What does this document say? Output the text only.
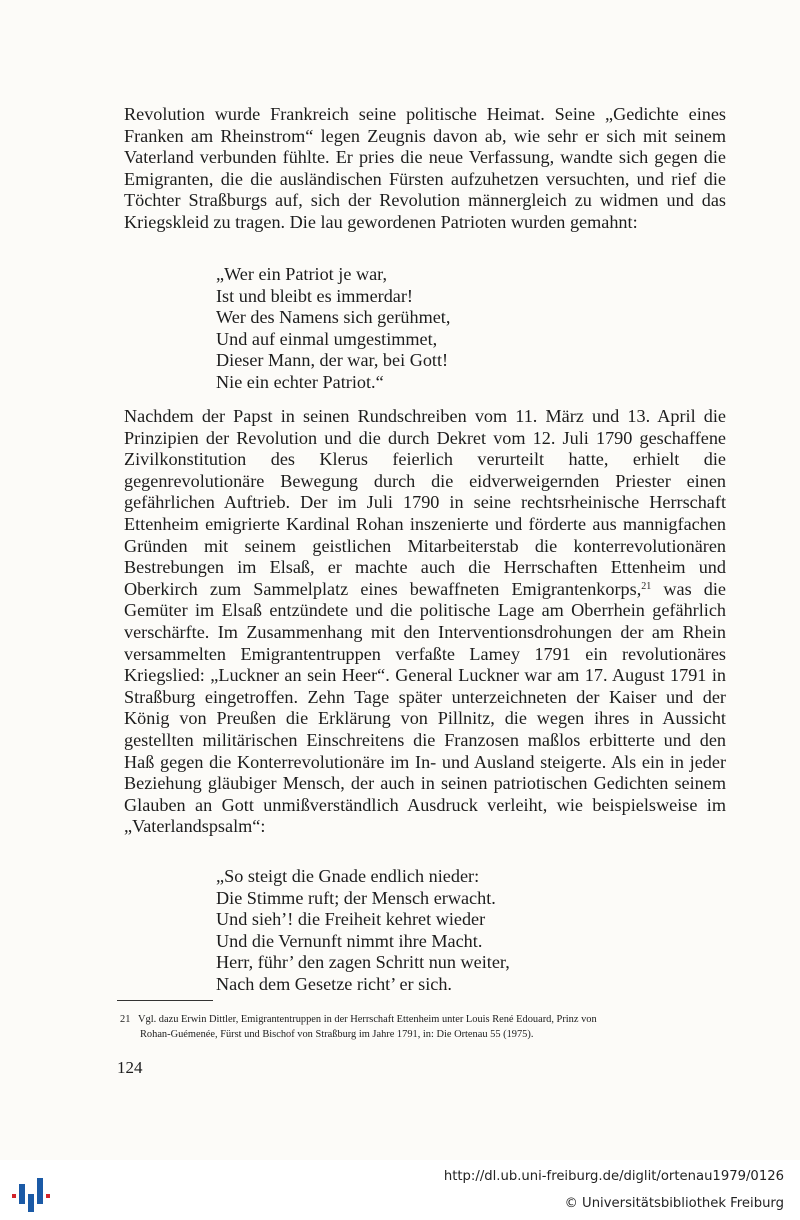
Revolution wurde Frankreich seine politische Heimat. Seine „Gedichte eines Franken am Rheinstrom“ legen Zeugnis davon ab, wie sehr er sich mit seinem Vaterland verbunden fühlte. Er pries die neue Verfassung, wandte sich gegen die Emigranten, die die ausländischen Fürsten aufzuhetzen versuchten, und rief die Töchter Straßburgs auf, sich der Revolution männergleich zu widmen und das Kriegskleid zu tragen. Die lau gewordenen Patrioten wurden gemahnt:

„Wer ein Patriot je war,
Ist und bleibt es immerdar!
Wer des Namens sich gerühmet,
Und auf einmal umgestimmet,
Dieser Mann, der war, bei Gott!
Nie ein echter Patriot.“

Nachdem der Papst in seinen Rundschreiben vom 11. März und 13. April die Prinzipien der Revolution und die durch Dekret vom 12. Juli 1790 geschaffene Zivilkonstitution des Klerus feierlich verurteilt hatte, erhielt die gegenrevolutionäre Bewegung durch die eidverweigernden Priester einen gefährlichen Auftrieb. Der im Juli 1790 in seine rechtsrheinische Herrschaft Ettenheim emigrierte Kardinal Rohan inszenierte und förderte aus mannigfachen Gründen mit seinem geistlichen Mitarbeiterstab die konterrevolutionären Bestrebungen im Elsaß, er machte auch die Herrschaften Ettenheim und Oberkirch zum Sammelplatz eines bewaffneten Emigrantenkorps,$^{21}$ was die Gemüter im Elsaß entzündete und die politische Lage am Oberrhein gefährlich verschärfte. Im Zusammenhang mit den Interventionsdrohungen der am Rhein versammelten Emigrantentruppen verfaßte Lamey 1791 ein revolutionäres Kriegslied: „Luckner an sein Heer“. General Luckner war am 17. August 1791 in Straßburg eingetroffen. Zehn Tage später unterzeichneten der Kaiser und der König von Preußen die Erklärung von Pillnitz, die wegen ihres in Aussicht gestellten militärischen Einschreitens die Franzosen maßlos erbitterte und den Haß gegen die Konterrevolutionäre im In- und Ausland steigerte. Als ein in jeder Beziehung gläubiger Mensch, der auch in seinen patriotischen Gedichten seinem Glauben an Gott unmißverständlich Ausdruck verleiht, wie beispielsweise im „Vaterlandspsalm“:

„So steigt die Gnade endlich nieder:
Die Stimme ruft; der Mensch erwacht.
Und sieh’! die Freiheit kehret wieder
Und die Vernunft nimmt ihre Macht.
Herr, führ’ den zagen Schritt nun weiter,
Nach dem Gesetze richt’ er sich.
21 Vgl. dazu Erwin Dittler, Emigrantentruppen in der Herrschaft Ettenheim unter Louis René Edouard, Prinz von
Rohan-Guémenée, Fürst und Bischof von Straßburg im Jahre 1791, in: Die Ortenau 55 (1975).
124
http://dl.ub.uni-freiburg.de/diglit/ortenau1979/0126
© Universitätsbibliothek Freiburg
